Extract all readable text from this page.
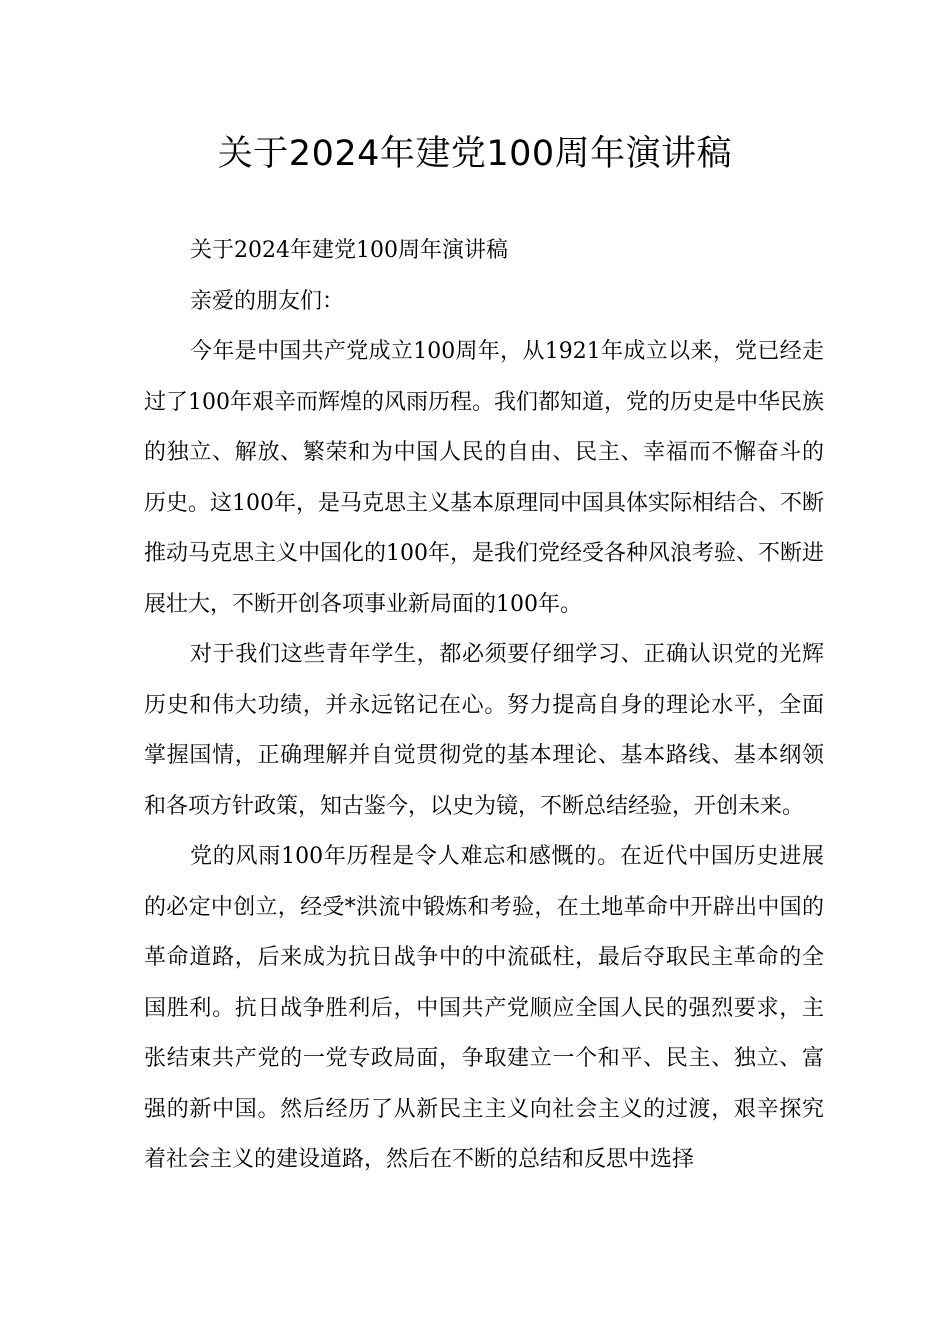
关于2024年建党100周年演讲稿

关于2024年建党100周年演讲稿

亲爱的朋友们：

今年是中国共产党成立100周年，从1921年成立以来，党已经走过了100年艰辛而辉煌的风雨历程。我们都知道，党的历史是中华民族的独立、解放、繁荣和为中国人民的自由、民主、幸福而不懈奋斗的历史。这100年，是马克思主义基本原理同中国具体实际相结合、不断推动马克思主义中国化的100年，是我们党经受各种风浪考验、不断进展壮大，不断开创各项事业新局面的100年。

对于我们这些青年学生，都必须要仔细学习、正确认识党的光辉历史和伟大功绩，并永远铭记在心。努力提高自身的理论水平，全面掌握国情，正确理解并自觉贯彻党的基本理论、基本路线、基本纲领和各项方针政策，知古鉴今，以史为镜，不断总结经验，开创未来。

党的风雨100年历程是令人难忘和感慨的。在近代中国历史进展的必定中创立，经受*洪流中锻炼和考验，在土地革命中开辟出中国的革命道路，后来成为抗日战争中的中流砥柱，最后夺取民主革命的全国胜利。抗日战争胜利后，中国共产党顺应全国人民的强烈要求，主张结束共产党的一党专政局面，争取建立一个和平、民主、独立、富强的新中国。然后经历了从新民主主义向社会主义的过渡，艰辛探究着社会主义的建设道路，然后在不断的总结和反思中选择
